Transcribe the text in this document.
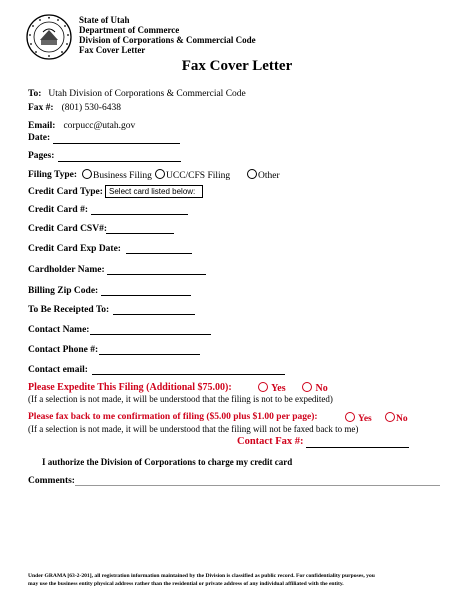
State of Utah
Department of Commerce
Division of Corporations & Commercial Code
Fax Cover Letter
Fax Cover Letter
To: Utah Division of Corporations & Commercial Code
Fax #: (801) 530-6438
Email: corpucc@utah.gov
Date:
Pages:
Filing Type:	Business Filing	UCC/CFS Filing	Other
Credit Card Type: Select card listed below:
Credit Card #:
Credit Card CSV#:
Credit Card Exp Date:
Cardholder Name:
Billing Zip Code:
To Be Receipted To:
Contact Name:
Contact Phone #:
Contact email:
Please Expedite This Filing (Additional $75.00):	Yes	No
(If a selection is not made, it will be understood that the filing is not to be expedited)
Please fax back to me confirmation of filing ($5.00 plus $1.00 per page):	Yes	No
(If a selection is not made, it will be understood that the filing will not be faxed back to me)
Contact Fax #:
I authorize the Division of Corporations to charge my credit card
Comments:
Under GRAMA [63-2-201], all registration information maintained by the Division is classified as public record. For confidentiality purposes, you
may use the business entity physical address rather than the residential or private address of any individual affiliated with the entity.
